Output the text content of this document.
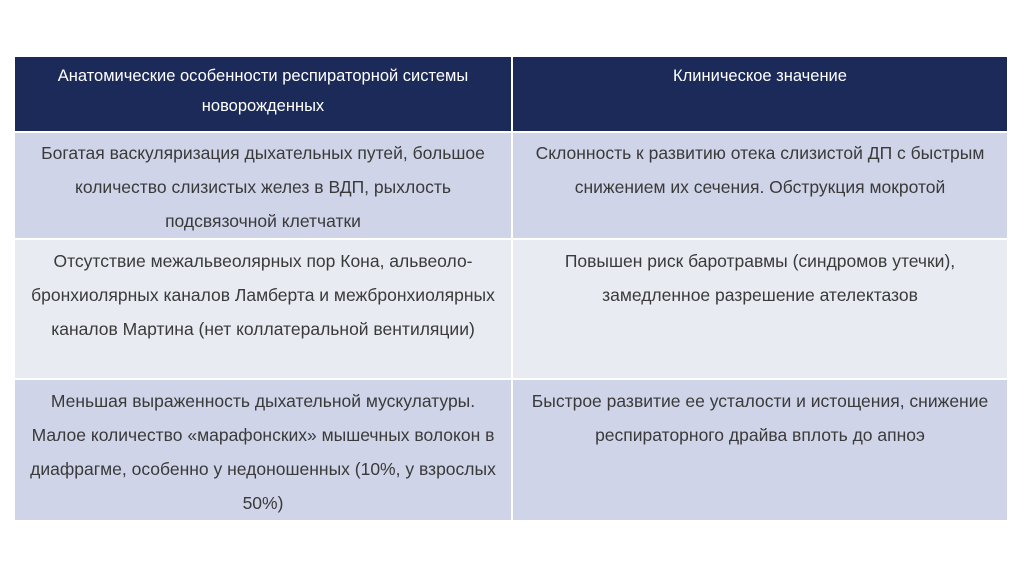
Анатомические особенности респираторной системы новорожденных	Клиническое значение
Богатая васкуляризация дыхательных путей, большое количество слизистых желез в ВДП, рыхлость подсвязочной клетчатки	Склонность к развитию отека слизистой ДП с быстрым снижением их сечения. Обструкция мокротой
Отсутствие межальвеолярных пор Кона, альвеоло-бронхиолярных каналов Ламберта и межбронхиолярных каналов Мартина (нет коллатеральной вентиляции)	Повышен риск баротравмы (синдромов утечки), замедленное разрешение ателектазов
Меньшая выраженность дыхательной мускулатуры. Малое количество «марафонских» мышечных волокон в диафрагме, особенно у недоношенных (10%, у взрослых 50%)	Быстрое развитие ее усталости и истощения, снижение респираторного драйва вплоть до апноэ
